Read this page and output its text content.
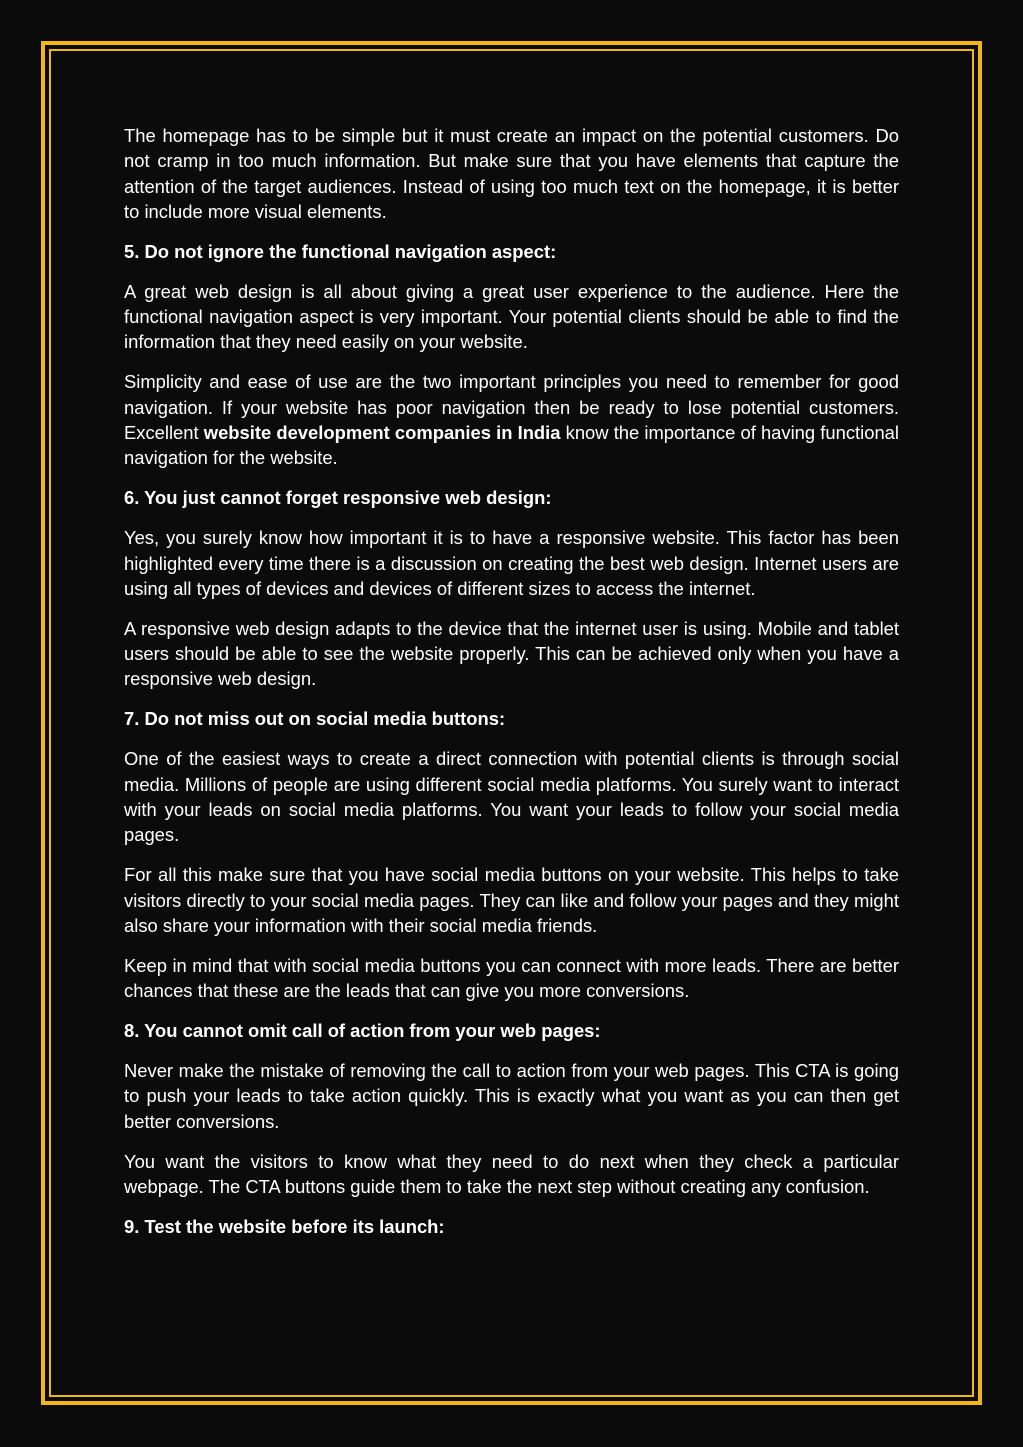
The homepage has to be simple but it must create an impact on the potential customers. Do not cramp in too much information. But make sure that you have elements that capture the attention of the target audiences. Instead of using too much text on the homepage, it is better to include more visual elements.

5. Do not ignore the functional navigation aspect:

A great web design is all about giving a great user experience to the audience. Here the functional navigation aspect is very important. Your potential clients should be able to find the information that they need easily on your website.

Simplicity and ease of use are the two important principles you need to remember for good navigation. If your website has poor navigation then be ready to lose potential customers. Excellent website development companies in India know the importance of having functional navigation for the website.

6. You just cannot forget responsive web design:

Yes, you surely know how important it is to have a responsive website. This factor has been highlighted every time there is a discussion on creating the best web design. Internet users are using all types of devices and devices of different sizes to access the internet.

A responsive web design adapts to the device that the internet user is using. Mobile and tablet users should be able to see the website properly. This can be achieved only when you have a responsive web design.

7. Do not miss out on social media buttons:

One of the easiest ways to create a direct connection with potential clients is through social media. Millions of people are using different social media platforms. You surely want to interact with your leads on social media platforms. You want your leads to follow your social media pages.

For all this make sure that you have social media buttons on your website. This helps to take visitors directly to your social media pages. They can like and follow your pages and they might also share your information with their social media friends.

Keep in mind that with social media buttons you can connect with more leads. There are better chances that these are the leads that can give you more conversions.

8. You cannot omit call of action from your web pages:

Never make the mistake of removing the call to action from your web pages. This CTA is going to push your leads to take action quickly. This is exactly what you want as you can then get better conversions.

You want the visitors to know what they need to do next when they check a particular webpage. The CTA buttons guide them to take the next step without creating any confusion.

9. Test the website before its launch:
